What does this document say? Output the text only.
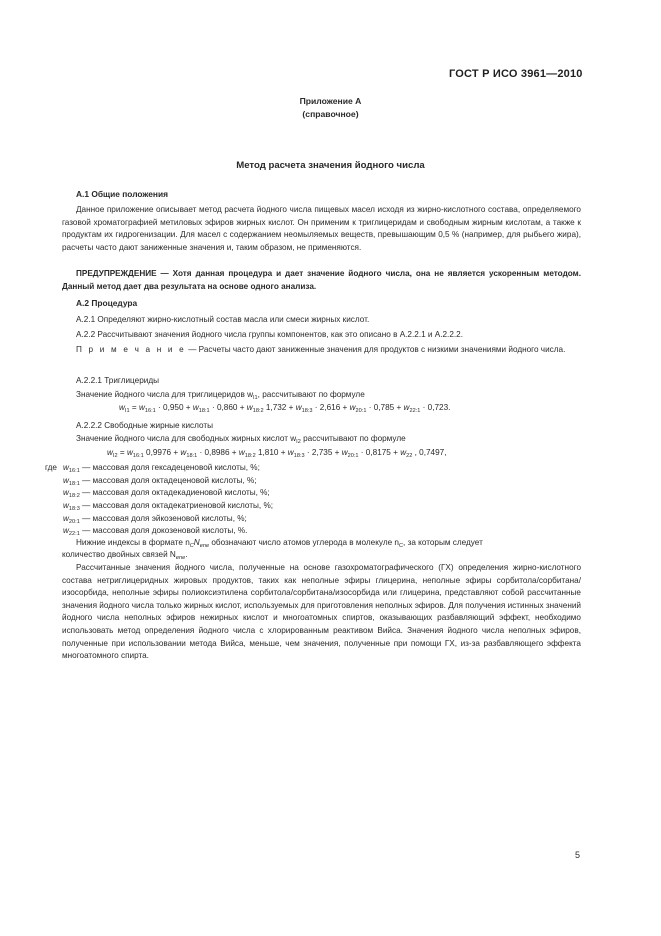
ГОСТ Р ИСО 3961—2010
Приложение А
(справочное)
Метод расчета значения йодного числа
А.1 Общие положения
Данное приложение описывает метод расчета йодного числа пищевых масел исходя из жирно-кислотного состава, определяемого газовой хроматографией метиловых эфиров жирных кислот. Он применим к триглицеридам и свободным жирным кислотам, а также к продуктам их гидрогенизации. Для масел с содержанием неомыляемых веществ, превышающим 0,5 % (например, для рыбьего жира), расчеты часто дают заниженные значения и, таким образом, не применяются.
ПРЕДУПРЕЖДЕНИЕ — Хотя данная процедура и дает значение йодного числа, она не является ускоренным методом. Данный метод дает два результата на основе одного анализа.
А.2 Процедура
А.2.1 Определяют жирно-кислотный состав масла или смеси жирных кислот.
А.2.2 Рассчитывают значения йодного числа группы компонентов, как это описано в А.2.2.1 и А.2.2.2.
П р и м е ч а н и е — Расчеты часто дают заниженные значения для продуктов с низкими значениями йодного числа.
А.2.2.1 Триглицериды
Значение йодного числа для триглицеридов $w_{I1}$, рассчитывают по формуле
$w_{I1} = w_{16:1} \cdot 0,950 + w_{18:1} \cdot 0,860 + w_{18:2}$ $1,732 + w_{18:3} \cdot 2,616 + w_{20:1} \cdot 0,785 + w_{22:1} \cdot 0,723$.
А.2.2.2 Свободные жирные кислоты
Значение йодного числа для свободных жирных кислот $w_{I2}$ рассчитывают по формуле
$w_{I2} = w_{16:1}$ $0,9976 + w_{18:1} \cdot 0,8986 + w_{18:2}$ $1,810 + w_{18:3} \cdot 2,735 + w_{20:1} \cdot 0,8175 + w_{22}$ , 0,7497,
где $w_{16:1}$ — массовая доля гексадеценовой кислоты, %;
$w_{18:1}$ — массовая доля октадеценовой кислоты, %;
$w_{18:2}$ — массовая доля октадекадиеновой кислоты, %;
$w_{18:3}$ — массовая доля октадекатриеновой кислоты, %;
$w_{20:1}$ — массовая доля эйкозеновой кислоты, %;
$w_{22:1}$ — массовая доля докозеновой кислоты, %.
Нижние индексы в формате $n_CN_{ene}$ обозначают число атомов углерода в молекуле $n_C$, за которым следует
количество двойных связей $N_{ene}$.
Рассчитанные значения йодного числа, полученные на основе газохроматографического (ГХ) определения жирно-кислотного состава нетриглицеридных жировых продуктов, таких как неполные эфиры глицерина, неполные эфиры сорбитола/сорбитана/изосорбида, неполные эфиры полиоксиэтилена сорбитола/сорбитана/изосорбида или глицерина, представляют собой рассчитанные значения йодного числа только жирных кислот, используемых для приготовления неполных эфиров. Для получения истинных значений йодного числа неполных эфиров нежирных кислот и многоатомных спиртов, оказывающих разбавляющий эффект, необходимо использовать метод определения йодного числа с хлорированным реактивом Вийса. Значения йодного числа неполных эфиров, полученные при использовании метода Вийса, меньше, чем значения, полученные при помощи ГХ, из-за разбавляющего эффекта многоатомного спирта.
5
